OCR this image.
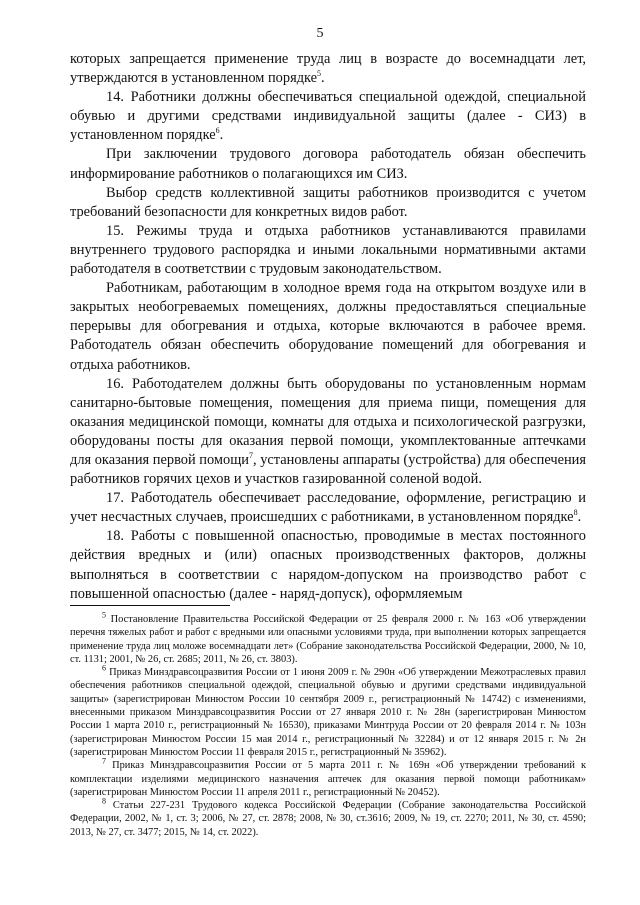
5

которых запрещается применение труда лиц в возрасте до восемнадцати лет, утверждаются в установленном порядке$^5$.

14. Работники должны обеспечиваться специальной одеждой, специальной обувью и другими средствами индивидуальной защиты (далее - СИЗ) в установленном порядке$^6$.

При заключении трудового договора работодатель обязан обеспечить информирование работников о полагающихся им СИЗ.

Выбор средств коллективной защиты работников производится с учетом требований безопасности для конкретных видов работ.

15. Режимы труда и отдыха работников устанавливаются правилами внутреннего трудового распорядка и иными локальными нормативными актами работодателя в соответствии с трудовым законодательством.

Работникам, работающим в холодное время года на открытом воздухе или в закрытых необогреваемых помещениях, должны предоставляться специальные перерывы для обогревания и отдыха, которые включаются в рабочее время. Работодатель обязан обеспечить оборудование помещений для обогревания и отдыха работников.

16. Работодателем должны быть оборудованы по установленным нормам санитарно-бытовые помещения, помещения для приема пищи, помещения для оказания медицинской помощи, комнаты для отдыха и психологической разгрузки, оборудованы посты для оказания первой помощи, укомплектованные аптечками для оказания первой помощи$^7$, установлены аппараты (устройства) для обеспечения работников горячих цехов и участков газированной соленой водой.

17. Работодатель обеспечивает расследование, оформление, регистрацию и учет несчастных случаев, происшедших с работниками, в установленном порядке$^8$.

18. Работы с повышенной опасностью, проводимые в местах постоянного действия вредных и (или) опасных производственных факторов, должны выполняться в соответствии с нарядом-допуском на производство работ с повышенной опасностью (далее - наряд-допуск), оформляемым

$^5$ Постановление Правительства Российской Федерации от 25 февраля 2000 г. № 163 «Об утверждении перечня тяжелых работ и работ с вредными или опасными условиями труда, при выполнении которых запрещается применение труда лиц моложе восемнадцати лет» (Собрание законодательства Российской Федерации, 2000, № 10, ст. 1131; 2001, № 26, ст. 2685; 2011, № 26, ст. 3803).

$^6$ Приказ Минздравсоцразвития России от 1 июня 2009 г. № 290н «Об утверждении Межотраслевых правил обеспечения работников специальной одеждой, специальной обувью и другими средствами индивидуальной защиты» (зарегистрирован Минюстом России 10 сентября 2009 г., регистрационный № 14742) с изменениями, внесенными приказом Минздравсоцразвития России от 27 января 2010 г. № 28н (зарегистрирован Минюстом России 1 марта 2010 г., регистрационный № 16530), приказами Минтруда России от 20 февраля 2014 г. № 103н (зарегистрирован Минюстом России 15 мая 2014 г., регистрационный № 32284) и от 12 января 2015 г. № 2н (зарегистрирован Минюстом России 11 февраля 2015 г., регистрационный № 35962).

$^7$ Приказ Минздравсоцразвития России от 5 марта 2011 г. № 169н «Об утверждении требований к комплектации изделиями медицинского назначения аптечек для оказания первой помощи работникам» (зарегистрирован Минюстом России 11 апреля 2011 г., регистрационный № 20452).

$^8$ Статьи 227-231 Трудового кодекса Российской Федерации (Собрание законодательства Российской Федерации, 2002, № 1, ст. 3; 2006, № 27, ст. 2878; 2008, № 30, ст.3616; 2009, № 19, ст. 2270; 2011, № 30, ст. 4590; 2013, № 27, ст. 3477; 2015, № 14, ст. 2022).
